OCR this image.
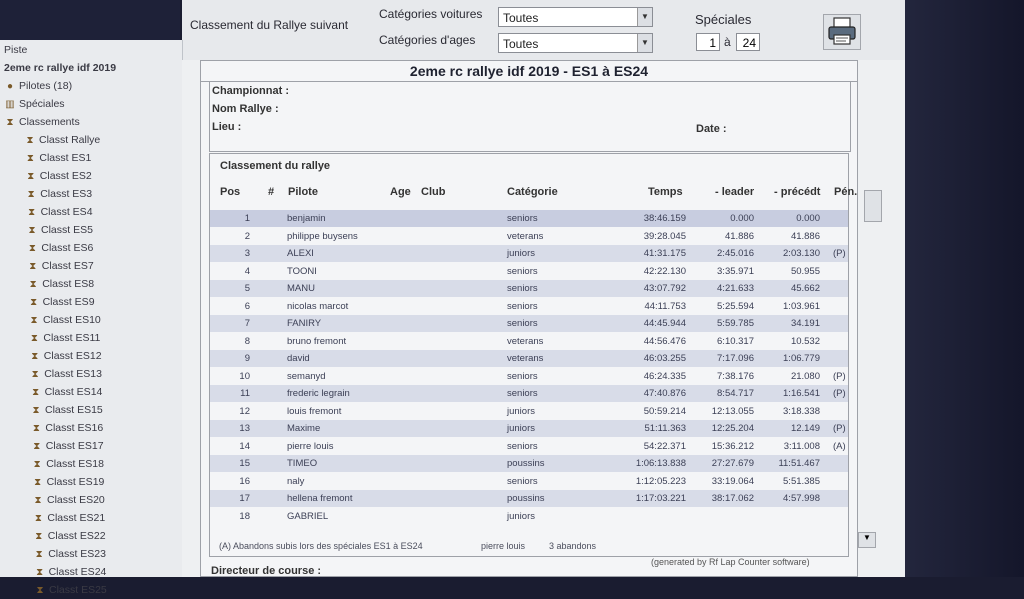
Classement du Rallye suivant
Catégories voitures	Toutes	▼
Catégories d'ages	Toutes	▼
Spéciales
1 à 24
Piste
2eme rc rallye idf 2019
● Pilotes (18)
▥ Spéciales
⧗ Classements
⧗ Classt Rallye
⧗ Classt ES1
⧗ Classt ES2
⧗ Classt ES3
⧗ Classt ES4
⧗ Classt ES5
⧗ Classt ES6
⧗ Classt ES7
⧗ Classt ES8
⧗ Classt ES9
⧗ Classt ES10
⧗ Classt ES11
⧗ Classt ES12
⧗ Classt ES13
⧗ Classt ES14
⧗ Classt ES15
⧗ Classt ES16
⧗ Classt ES17
⧗ Classt ES18
⧗ Classt ES19
⧗ Classt ES20
⧗ Classt ES21
⧗ Classt ES22
⧗ Classt ES23
⧗ Classt ES24
⧗ Classt ES25
2eme rc rallye idf 2019 - ES1 à ES24
Championnat :
Nom Rallye :
Lieu :	Date :
Classement du rallye
Pos	# Pilote	Age Club	Catégorie	Temps	- leader - précédt Pén.
1	benjamin	seniors	38:46.159	0.000	0.000
2	philippe buysens	veterans	39:28.045	41.886	41.886
3	ALEXI	juniors	41:31.175	2:45.016	2:03.130 (P)
4	TOONI	seniors	42:22.130	3:35.971	50.955
5	MANU	seniors	43:07.792	4:21.633	45.662
6	nicolas marcot	seniors	44:11.753	5:25.594	1:03.961
7	FANIRY	seniors	44:45.944	5:59.785	34.191
8	bruno fremont	veterans	44:56.476	6:10.317	10.532
9	david	veterans	46:03.255	7:17.096	1:06.779
10	semanyd	seniors	46:24.335	7:38.176	21.080 (P)
11	frederic legrain	seniors	47:40.876	8:54.717	1:16.541 (P)
12	louis fremont	juniors	50:59.214	12:13.055	3:18.338
13	Maxime	juniors	51:11.363	12:25.204	12.149 (P)
14	pierre louis	seniors	54:22.371	15:36.212	3:11.008 (A)
15	TIMEO	poussins	1:06:13.838	27:27.679	11:51.467
16	naly	seniors	1:12:05.223	33:19.064	5:51.385
17	hellena fremont	poussins	1:17:03.221	38:17.062	4:57.998
18	GABRIEL	juniors
(A) Abandons subis lors des spéciales ES1 à ES24	pierre louis	3 abandons
(generated by Rf Lap Counter software)
Directeur de course :
▼
